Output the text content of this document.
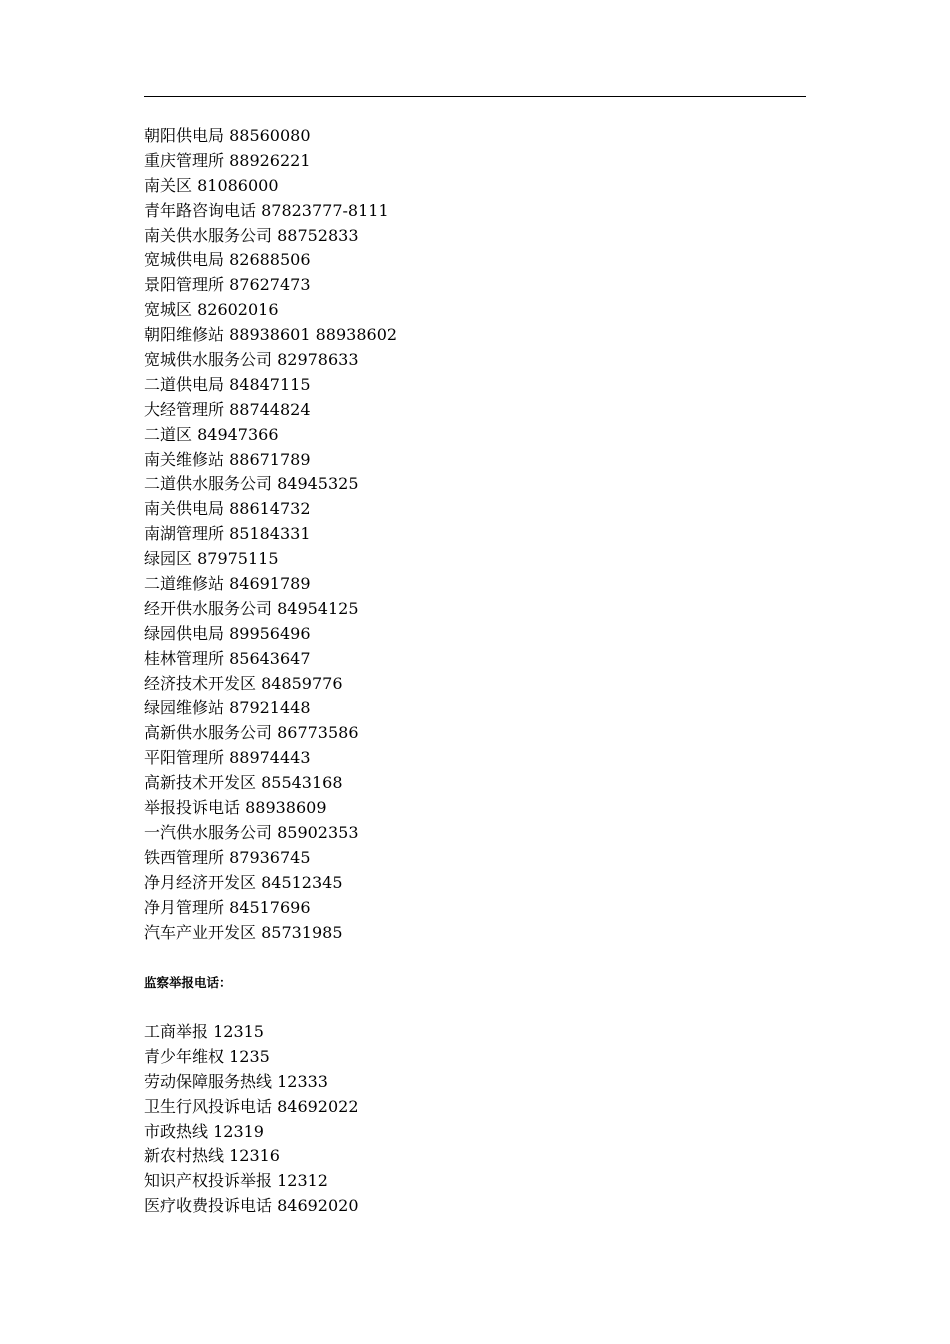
朝阳供电局 88560080
重庆管理所 88926221
南关区 81086000
青年路咨询电话 87823777-8111
南关供水服务公司 88752833
宽城供电局 82688506
景阳管理所 87627473
宽城区 82602016
朝阳维修站 88938601 88938602
宽城供水服务公司 82978633
二道供电局 84847115
大经管理所 88744824
二道区 84947366
南关维修站 88671789
二道供水服务公司 84945325
南关供电局 88614732
南湖管理所 85184331
绿园区 87975115
二道维修站 84691789
经开供水服务公司 84954125
绿园供电局 89956496
桂林管理所 85643647
经济技术开发区 84859776
绿园维修站 87921448
高新供水服务公司 86773586
平阳管理所 88974443
高新技术开发区 85543168
举报投诉电话 88938609
一汽供水服务公司 85902353
铁西管理所 87936745
净月经济开发区 84512345
净月管理所 84517696
汽车产业开发区 85731985
监察举报电话：
工商举报 12315
青少年维权 1235
劳动保障服务热线 12333
卫生行风投诉电话 84692022
市政热线 12319
新农村热线 12316
知识产权投诉举报 12312
医疗收费投诉电话 84692020
